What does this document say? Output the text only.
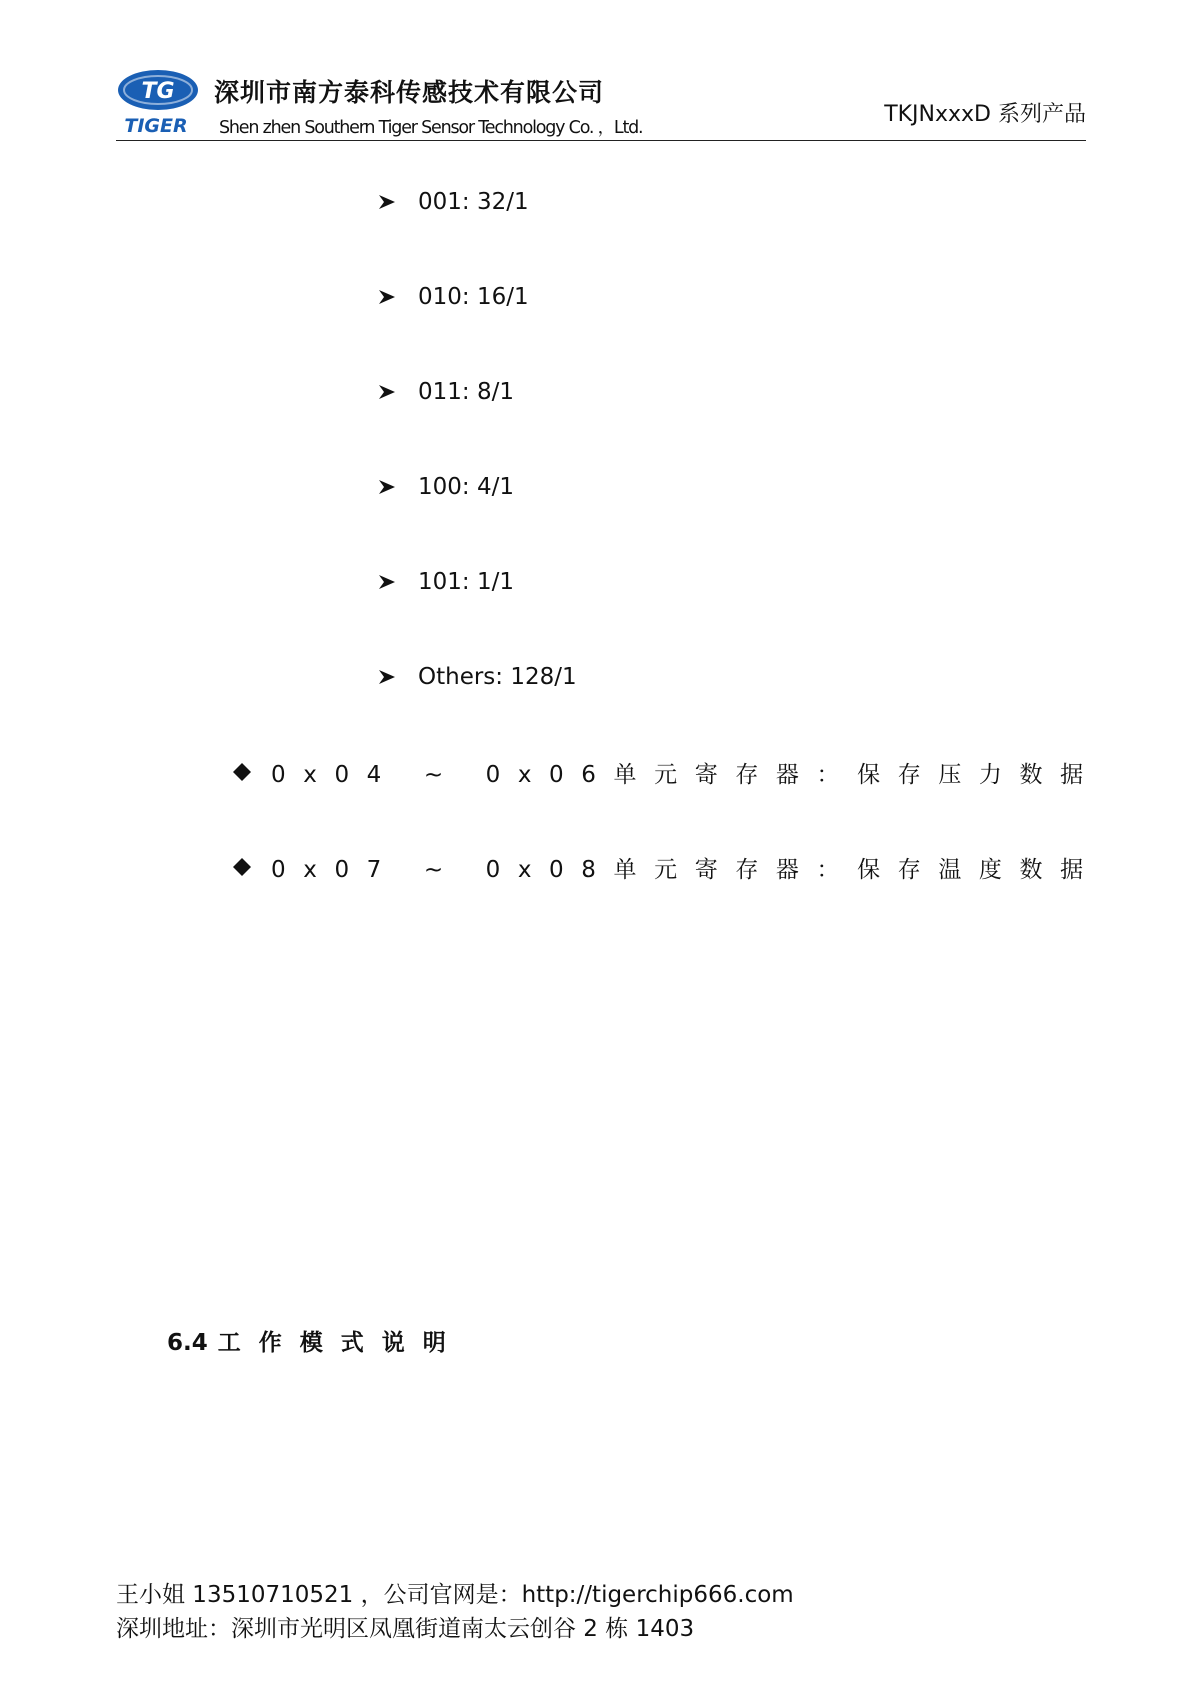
TG
TIGER
深圳市南方泰科传感技术有限公司
Shen zhen Southern Tiger Sensor Technology Co. ，Ltd.
TKJNxxxD 系列产品
001: 32/1
010: 16/1
011: 8/1
100: 4/1
101: 1/1
Others: 128/1
0x04 ~ 0x06单元寄存器：保存压力数据
0x07 ~ 0x08单元寄存器：保存温度数据
6.4 工作模式说明
王小姐 13510710521 ，公司官网是：http://tigerchip666.com
深圳地址：深圳市光明区凤凰街道南太云创谷 2 栋 1403
